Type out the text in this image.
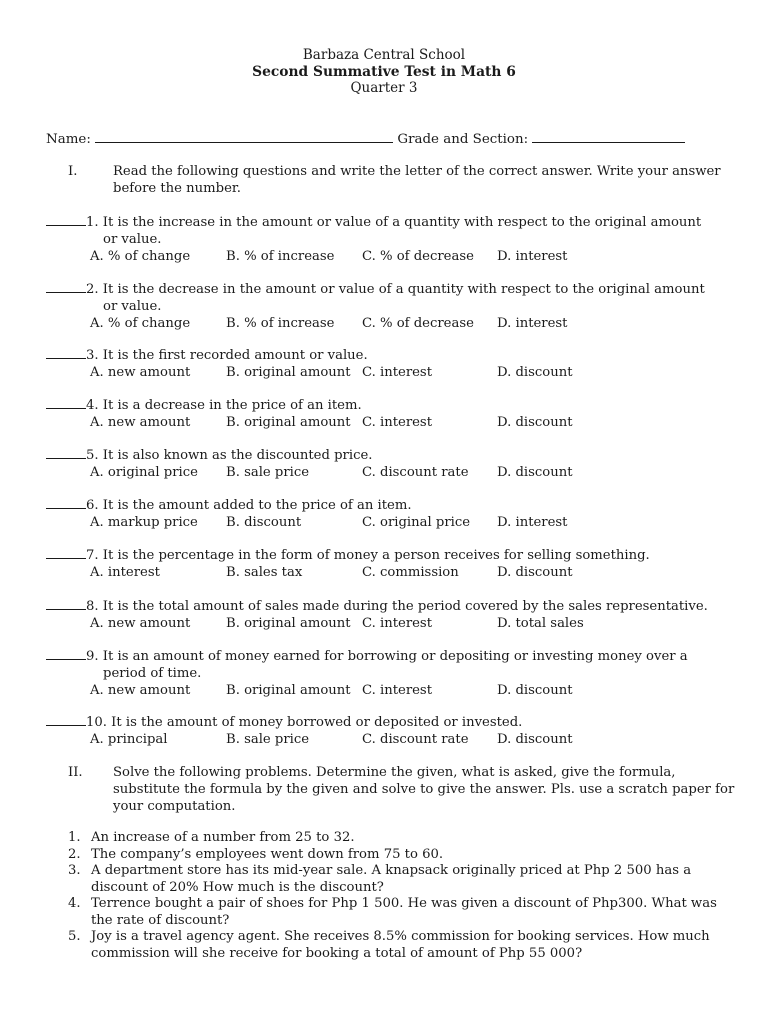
Barbaza Central School
Second Summative Test in Math 6
Quarter 3
Name:	Grade and Section:
I.	Read the following questions and write the letter of the correct answer. Write your answer before the number.
1. It is the increase in the amount or value of a quantity with respect to the original amount
or value.
A. % of change	B. % of increase C. % of decrease D. interest
2. It is the decrease in the amount or value of a quantity with respect to the original amount
or value.
A. % of change	B. % of increase C. % of decrease D. interest
3. It is the first recorded amount or value.
A. new amount	B. original amount C. interest	D. discount
4. It is a decrease in the price of an item.
A. new amount	B. original amount C. interest	D. discount
5. It is also known as the discounted price.
A. original price B. sale price	C. discount rate D. discount
6. It is the amount added to the price of an item.
A. markup price B. discount	C. original price D. interest
7. It is the percentage in the form of money a person receives for selling something.
A. interest	B. sales tax	C. commission	D. discount
8. It is the total amount of sales made during the period covered by the sales representative.
A. new amount	B. original amount C. interest	D. total sales
9. It is an amount of money earned for borrowing or depositing or investing money over a
period of time.
A. new amount	B. original amount C. interest	D. discount
10. It is the amount of money borrowed or deposited or invested.
A. principal	B. sale price	C. discount rate D. discount
II. Solve the following problems. Determine the given, what is asked, give the formula, substitute the formula by the given and solve to give the answer. Pls. use a scratch paper for your computation.
1. An increase of a number from 25 to 32.
2. The company’s employees went down from 75 to 60.
3. A department store has its mid-year sale. A knapsack originally priced at Php 2 500 has a discount of 20% How much is the discount?
4. Terrence bought a pair of shoes for Php 1 500. He was given a discount of Php300. What was the rate of discount?
5. Joy is a travel agency agent. She receives 8.5% commission for booking services. How much commission will she receive for booking a total of amount of Php 55 000?
